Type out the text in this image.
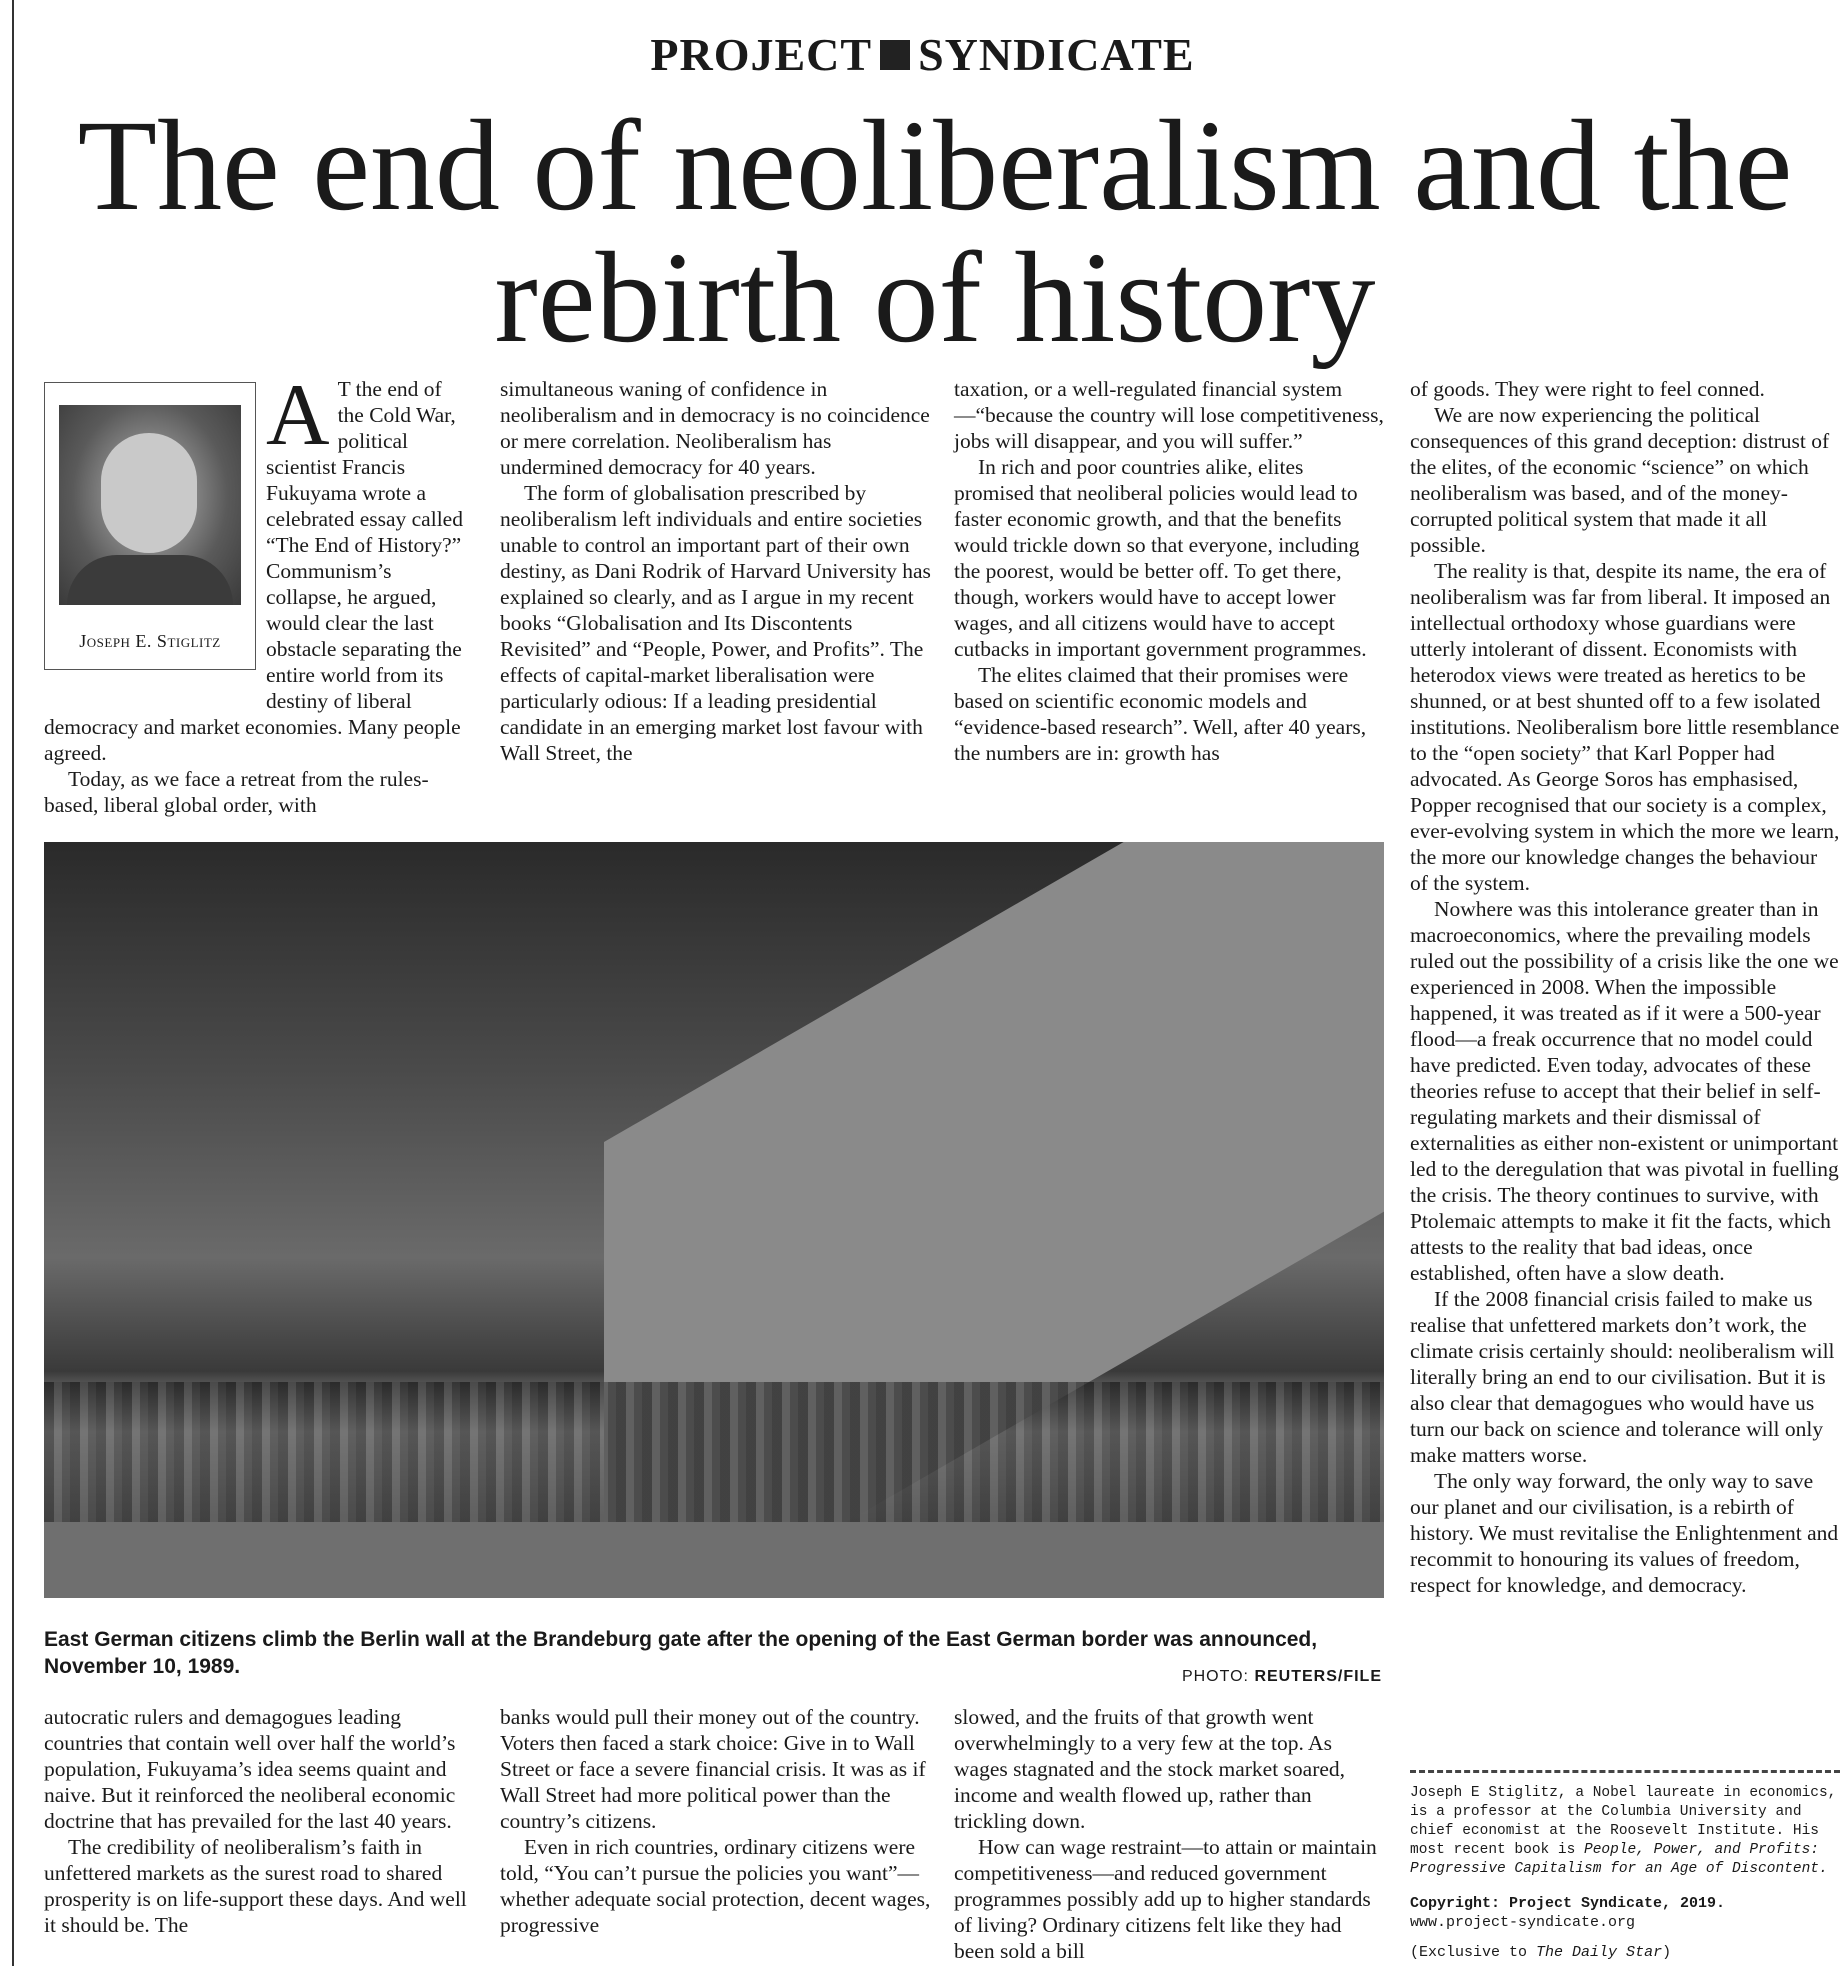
PROJECT SYNDICATE
The end of neoliberalism and the
rebirth of history
Joseph E. Stiglitz

A T the end of the Cold War, political scientist Francis Fukuyama wrote a celebrated essay called “The End of History?” Communism’s collapse, he argued, would clear the last obstacle separating the entire world from its destiny of liberal democracy and market economies. Many people agreed.

Today, as we face a retreat from the rules-based, liberal global order, with

simultaneous waning of confidence in neoliberalism and in democracy is no coincidence or mere correlation. Neoliberalism has undermined democracy for 40 years.

The form of globalisation prescribed by neoliberalism left individuals and entire societies unable to control an important part of their own destiny, as Dani Rodrik of Harvard University has explained so clearly, and as I argue in my recent books “Globalisation and Its Discontents Revisited” and “People, Power, and Profits”. The effects of capital-market liberalisation were particularly odious: If a leading presidential candidate in an emerging market lost favour with Wall Street, the

taxation, or a well-regulated financial system—“because the country will lose competitiveness, jobs will disappear, and you will suffer.”

In rich and poor countries alike, elites promised that neoliberal policies would lead to faster economic growth, and that the benefits would trickle down so that everyone, including the poorest, would be better off. To get there, though, workers would have to accept lower wages, and all citizens would have to accept cutbacks in important government programmes.

The elites claimed that their promises were based on scientific economic models and “evidence-based research”. Well, after 40 years, the numbers are in: growth has

of goods. They were right to feel conned.

We are now experiencing the political consequences of this grand deception: distrust of the elites, of the economic “science” on which neoliberalism was based, and of the money-corrupted political system that made it all possible.

The reality is that, despite its name, the era of neoliberalism was far from liberal. It imposed an intellectual orthodoxy whose guardians were utterly intolerant of dissent. Economists with heterodox views were treated as heretics to be shunned, or at best shunted off to a few isolated institutions. Neoliberalism bore little resemblance to the “open society” that Karl Popper had advocated. As George Soros has emphasised, Popper recognised that our society is a complex, ever-evolving system in which the more we learn, the more our knowledge changes the behaviour of the system.

Nowhere was this intolerance greater than in macroeconomics, where the prevailing models ruled out the possibility of a crisis like the one we experienced in 2008. When the impossible happened, it was treated as if it were a 500-year flood—a freak occurrence that no model could have predicted. Even today, advocates of these theories refuse to accept that their belief in self-regulating markets and their dismissal of externalities as either non-existent or unimportant led to the deregulation that was pivotal in fuelling the crisis. The theory continues to survive, with Ptolemaic attempts to make it fit the facts, which attests to the reality that bad ideas, once established, often have a slow death.

If the 2008 financial crisis failed to make us realise that unfettered markets don’t work, the climate crisis certainly should: neoliberalism will literally bring an end to our civilisation. But it is also clear that demagogues who would have us turn our back on science and tolerance will only make matters worse.

The only way forward, the only way to save our planet and our civilisation, is a rebirth of history. We must revitalise the Enlightenment and recommit to honouring its values of freedom, respect for knowledge, and democracy.

East German citizens climb the Berlin wall at the Brandeburg gate after the opening of the East German border was announced, November 10, 1989.	PHOTO: REUTERS/FILE

autocratic rulers and demagogues leading countries that contain well over half the world’s population, Fukuyama’s idea seems quaint and naive. But it reinforced the neoliberal economic doctrine that has prevailed for the last 40 years.

The credibility of neoliberalism’s faith in unfettered markets as the surest road to shared prosperity is on life-support these days. And well it should be. The

banks would pull their money out of the country. Voters then faced a stark choice: Give in to Wall Street or face a severe financial crisis. It was as if Wall Street had more political power than the country’s citizens.

Even in rich countries, ordinary citizens were told, “You can’t pursue the policies you want”—whether adequate social protection, decent wages, progressive

slowed, and the fruits of that growth went overwhelmingly to a very few at the top. As wages stagnated and the stock market soared, income and wealth flowed up, rather than trickling down.

How can wage restraint—to attain or maintain competitiveness—and reduced government programmes possibly add up to higher standards of living? Ordinary citizens felt like they had been sold a bill

Joseph E Stiglitz, a Nobel laureate in economics, is a professor at the Columbia University and chief economist at the Roosevelt Institute. His most recent book is People, Power, and Profits: Progressive Capitalism for an Age of Discontent.

Copyright: Project Syndicate, 2019.

www.project-syndicate.org

(Exclusive to The Daily Star)
